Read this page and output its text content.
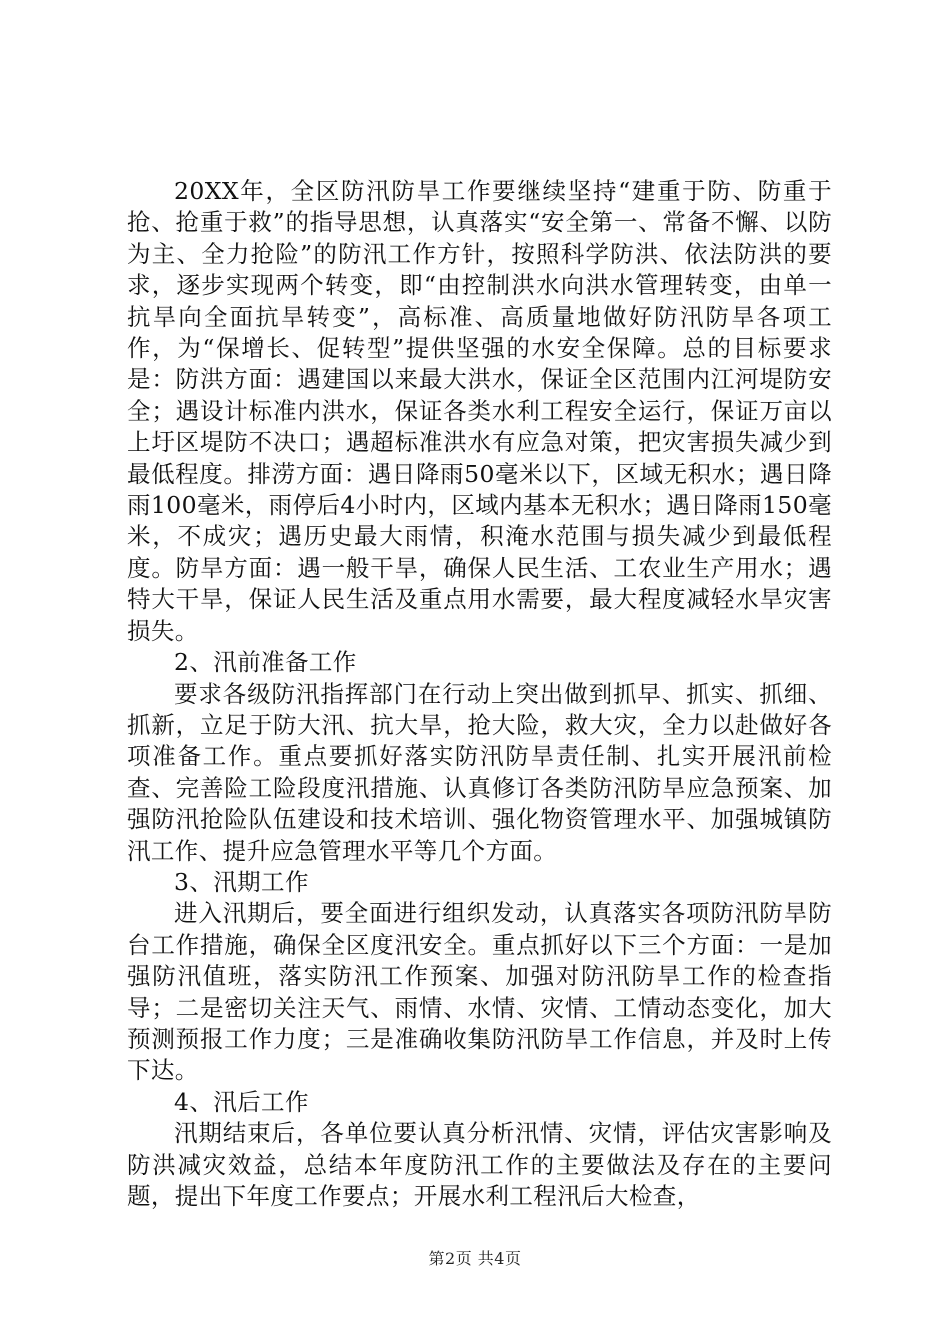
20XX年，全区防汛防旱工作要继续坚持“建重于防、防重于抢、抢重于救”的指导思想，认真落实“安全第一、常备不懈、以防为主、全力抢险”的防汛工作方针，按照科学防洪、依法防洪的要求，逐步实现两个转变，即“由控制洪水向洪水管理转变，由单一抗旱向全面抗旱转变”，高标准、高质量地做好防汛防旱各项工作，为“保增长、促转型”提供坚强的水安全保障。总的目标要求是：防洪方面：遇建国以来最大洪水，保证全区范围内江河堤防安全；遇设计标准内洪水，保证各类水利工程安全运行，保证万亩以上圩区堤防不决口；遇超标准洪水有应急对策，把灾害损失减少到最低程度。排涝方面：遇日降雨50毫米以下，区域无积水；遇日降雨100毫米，雨停后4小时内，区域内基本无积水；遇日降雨150毫米，不成灾；遇历史最大雨情，积淹水范围与损失减少到最低程度。防旱方面：遇一般干旱，确保人民生活、工农业生产用水；遇特大干旱，保证人民生活及重点用水需要，最大程度减轻水旱灾害损失。

2、汛前准备工作

要求各级防汛指挥部门在行动上突出做到抓早、抓实、抓细、抓新，立足于防大汛、抗大旱，抢大险，救大灾，全力以赴做好各项准备工作。重点要抓好落实防汛防旱责任制、扎实开展汛前检查、完善险工险段度汛措施、认真修订各类防汛防旱应急预案、加强防汛抢险队伍建设和技术培训、强化物资管理水平、加强城镇防汛工作、提升应急管理水平等几个方面。

3、汛期工作

进入汛期后，要全面进行组织发动，认真落实各项防汛防旱防台工作措施，确保全区度汛安全。重点抓好以下三个方面：一是加强防汛值班，落实防汛工作预案、加强对防汛防旱工作的检查指导；二是密切关注天气、雨情、水情、灾情、工情动态变化，加大预测预报工作力度；三是准确收集防汛防旱工作信息，并及时上传下达。

4、汛后工作

汛期结束后，各单位要认真分析汛情、灾情，评估灾害影响及防洪减灾效益，总结本年度防汛工作的主要做法及存在的主要问题，提出下年度工作要点；开展水利工程汛后大检查，

第2页 共4页
